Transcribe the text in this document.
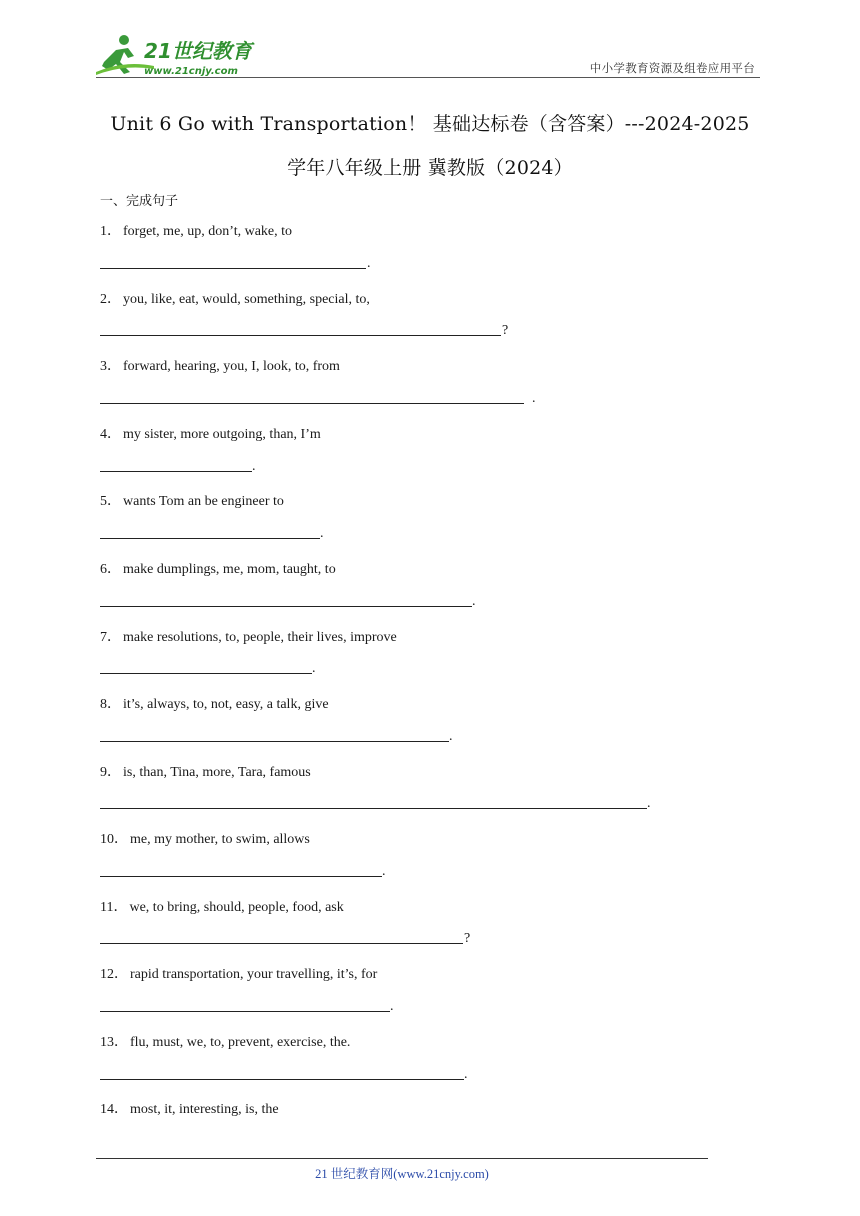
21世纪教育
www.21cnjy.com	中小学教育资源及组卷应用平台
Unit 6 Go with Transportation！ 基础达标卷（含答案）---2024-2025
学年八年级上册 冀教版（2024）
一、完成句子
1． forget, me, up, don’t, wake, to
.
2． you, like, eat, would, something, special, to,
?
3． forward, hearing, you, I, look, to, from
.
4． my sister, more outgoing, than, I’m
.
5． wants Tom an be engineer to
.
6． make dumplings, me, mom, taught, to
.
7． make resolutions, to, people, their lives, improve
.
8． it’s, always, to, not, easy, a talk, give
.
9． is, than, Tina, more, Tara, famous
.
10． me, my mother, to swim, allows
.
11． we, to bring, should, people, food, ask
?
12． rapid transportation, your travelling, it’s, for
.
13． flu, must, we, to, prevent, exercise, the.
.
14． most, it, interesting, is, the
21 世纪教育网(www.21cnjy.com)
